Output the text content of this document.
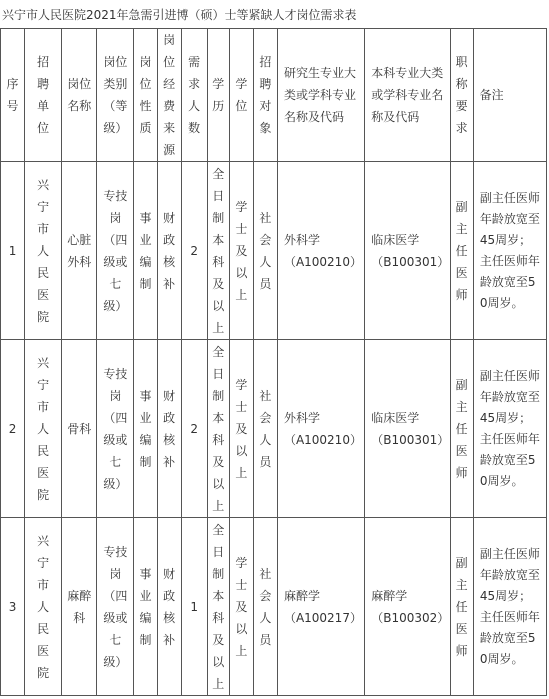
兴宁市人民医院2021年急需引进博（硕）士等紧缺人才岗位需求表
序号	招聘单位	岗位名称	岗位类别（等级）	岗位性质	岗位经费来源	需求人数	学历	学位	招聘对象	研究生专业大类或学科专业名称及代码	本科专业大类或学科专业名称及代码	职称要求	备注
1	兴宁市人民医院	心脏外科	专技岗（四级或七级）	事业编制	财政核补	2	全日制本科及以上	学士及以上	社会人员	外科学
（A100210）	临床医学
（B100301）	副主任医师	副主任医师年龄放宽至45周岁；主任医师年龄放宽至50周岁。
2	兴宁市人民医院	骨科	专技岗（四级或七级）	事业编制	财政核补	2	全日制本科及以上	学士及以上	社会人员	外科学
（A100210）	临床医学
（B100301）	副主任医师	副主任医师年龄放宽至45周岁；主任医师年龄放宽至50周岁。
3	兴宁市人民医院	麻醉科	专技岗（四级或七级）	事业编制	财政核补	1	全日制本科及以上	学士及以上	社会人员	麻醉学
（A100217）	麻醉学
（B100302）	副主任医师	副主任医师年龄放宽至45周岁；主任医师年龄放宽至50周岁。
